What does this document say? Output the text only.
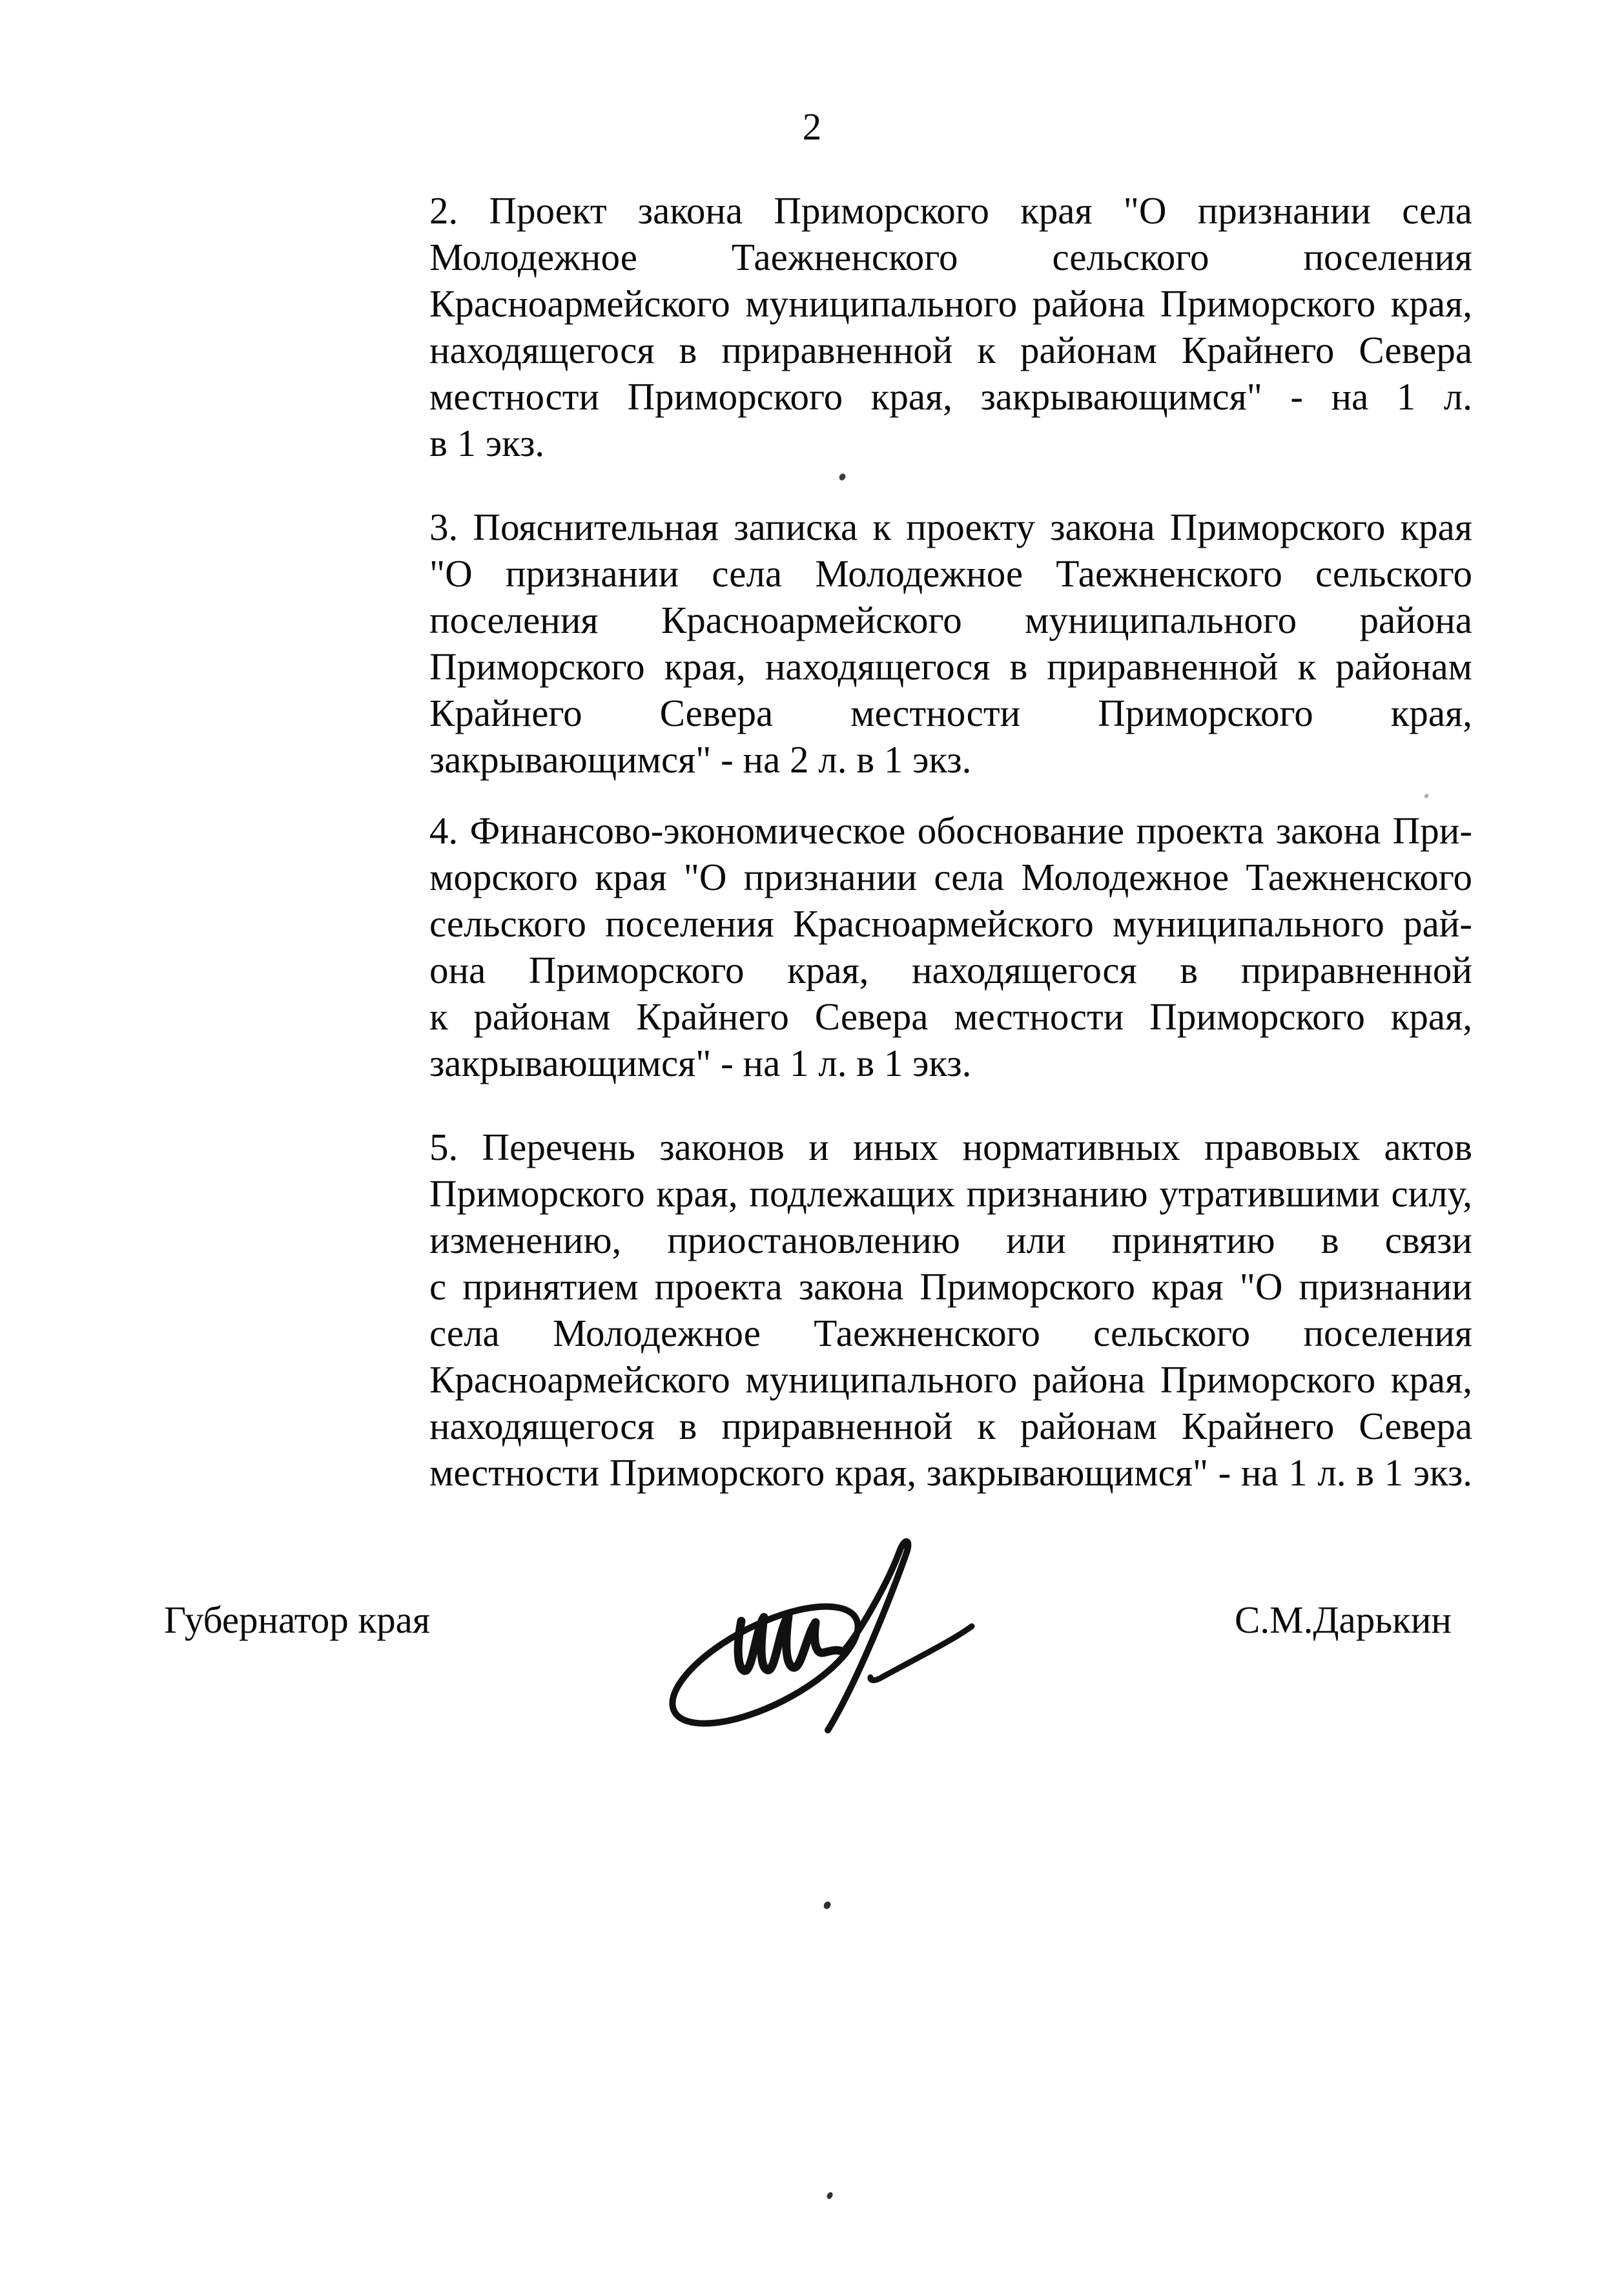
2
2. Проект закона Приморского края "О признании села
Молодежное Таежненского сельского поселения
Красноармейского муниципального района Приморского края,
находящегося в приравненной к районам Крайнего Севера
местности Приморского края, закрывающимся" - на 1 л.
в 1 экз.
3. Пояснительная записка к проекту закона Приморского края
"О признании села Молодежное Таежненского сельского
поселения Красноармейского муниципального района
Приморского края, находящегося в приравненной к районам
Крайнего Севера местности Приморского края,
закрывающимся" - на 2 л. в 1 экз.
4. Финансово-экономическое обоснование проекта закона При-
морского края "О признании села Молодежное Таежненского
сельского поселения Красноармейского муниципального рай-
она Приморского края, находящегося в приравненной
к районам Крайнего Севера местности Приморского края,
закрывающимся" - на 1 л. в 1 экз.
5. Перечень законов и иных нормативных правовых актов
Приморского края, подлежащих признанию утратившими силу,
изменению, приостановлению или принятию в связи
с принятием проекта закона Приморского края "О признании
села Молодежное Таежненского сельского поселения
Красноармейского муниципального района Приморского края,
находящегося в приравненной к районам Крайнего Севера
местности Приморского края, закрывающимся" - на 1 л. в 1 экз.
Губернатор края	С.М.Дарькин
